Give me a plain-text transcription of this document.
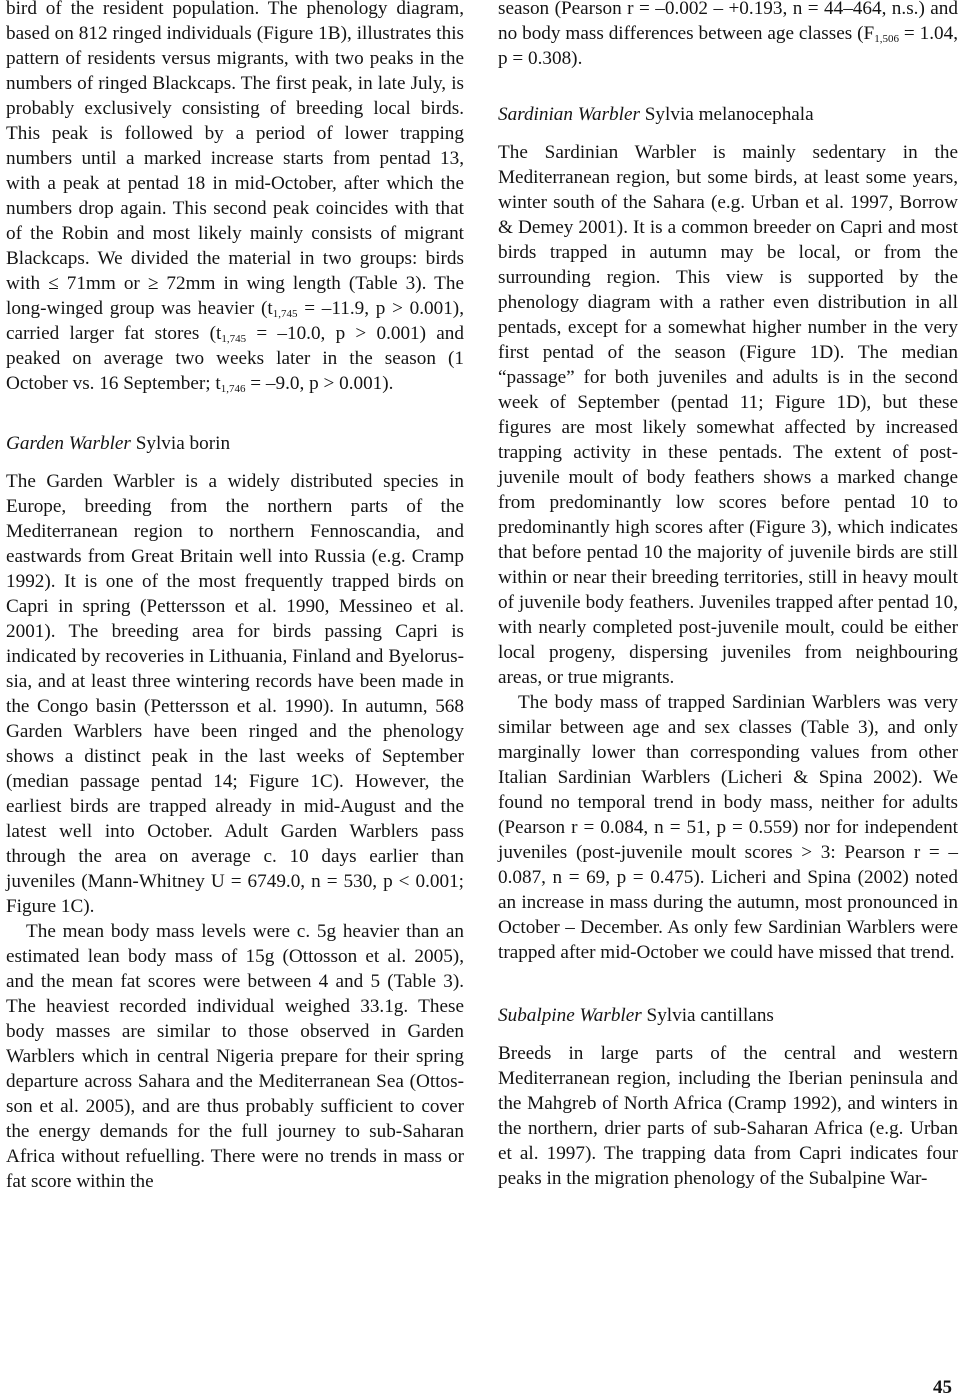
bird of the resident population. The phenology diagram, based on 812 ringed individuals (Figure 1B), illustrates this pattern of residents versus migrants, with two peaks in the numbers of ringed Blackcaps. The first peak, in late July, is probably exclusively consisting of breeding local birds. This peak is followed by a period of lower trapping numbers until a marked increase starts from pentad 13, with a peak at pentad 18 in mid-October, after which the numbers drop again. This second peak coincides with that of the Robin and most likely mainly consists of migrant Blackcaps. We divided the material in two groups: birds with ≤ 71mm or ≥ 72mm in wing length (Table 3). The long-winged group was heavier ($t_{1,745} = -11.9$, p > 0.001), carried larger fat stores ($t_{1,745} = -10.0$, p > 0.001) and peaked on average two weeks later in the season (1 October vs. 16 September; $t_{1,746} = -9.0$, p > 0.001).

Garden Warbler Sylvia borin

The Garden Warbler is a widely distributed species in Europe, breeding from the northern parts of the Mediterranean region to northern Fennoscandia, and eastwards from Great Britain well into Russia (e.g. Cramp 1992). It is one of the most frequently trapped birds on Capri in spring (Pettersson et al. 1990, Messineo et al. 2001). The breeding area for birds passing Capri is indicated by recoveries in Lithuania, Finland and Byelorussia, and at least three wintering records have been made in the Congo basin (Pettersson et al. 1990). In autumn, 568 Garden Warblers have been ringed and the phenology shows a distinct peak in the last weeks of September (median passage pentad 14; Figure 1C). However, the earliest birds are trapped already in mid-August and the latest well into October. Adult Garden Warblers pass through the area on average c. 10 days earlier than juveniles (Mann-Whitney U = 6749.0, n = 530, p < 0.001; Figure 1C).

The mean body mass levels were c. 5g heavier than an estimated lean body mass of 15g (Ottosson et al. 2005), and the mean fat scores were between 4 and 5 (Table 3). The heaviest recorded individual weighed 33.1g. These body masses are similar to those observed in Garden Warblers which in central Nigeria prepare for their spring departure across Sahara and the Mediterranean Sea (Ottosson et al. 2005), and are thus probably sufficient to cover the energy demands for the full journey to sub-Saharan Africa without refuelling. There were no trends in mass or fat score within the

season (Pearson r = –0.002 – +0.193, n = 44–464, n.s.) and no body mass differences between age classes ($F_{1,506} = 1.04$, p = 0.308).

Sardinian Warbler Sylvia melanocephala

The Sardinian Warbler is mainly sedentary in the Mediterranean region, but some birds, at least some years, winter south of the Sahara (e.g. Urban et al. 1997, Borrow & Demey 2001). It is a common breeder on Capri and most birds trapped in autumn may be local, or from the surrounding region. This view is supported by the phenology diagram with a rather even distribution in all pentads, except for a somewhat higher number in the very first pentad of the season (Figure 1D). The median “passage” for both juveniles and adults is in the second week of September (pentad 11; Figure 1D), but these figures are most likely somewhat affected by increased trapping activity in these pentads. The extent of post-juvenile moult of body feathers shows a marked change from predominantly low scores before pentad 10 to predominantly high scores after (Figure 3), which indicates that before pentad 10 the majority of juvenile birds are still within or near their breeding territories, still in heavy moult of juvenile body feathers. Juveniles trapped after pentad 10, with nearly completed post-juvenile moult, could be either local progeny, dispersing juveniles from neighbouring areas, or true migrants.

The body mass of trapped Sardinian Warblers was very similar between age and sex classes (Table 3), and only marginally lower than corresponding values from other Italian Sardinian Warblers (Licheri & Spina 2002). We found no temporal trend in body mass, neither for adults (Pearson r = 0.084, n = 51, p = 0.559) nor for independent juveniles (post-juvenile moult scores > 3: Pearson r = –0.087, n = 69, p = 0.475). Licheri and Spina (2002) noted an increase in mass during the autumn, most pronounced in October – December. As only few Sardinian Warblers were trapped after mid-October we could have missed that trend.

Subalpine Warbler Sylvia cantillans

Breeds in large parts of the central and western Mediterranean region, including the Iberian peninsula and the Mahgreb of North Africa (Cramp 1992), and winters in the northern, drier parts of sub-Saharan Africa (e.g. Urban et al. 1997). The trapping data from Capri indicates four peaks in the migration phenology of the Subalpine War-

45
